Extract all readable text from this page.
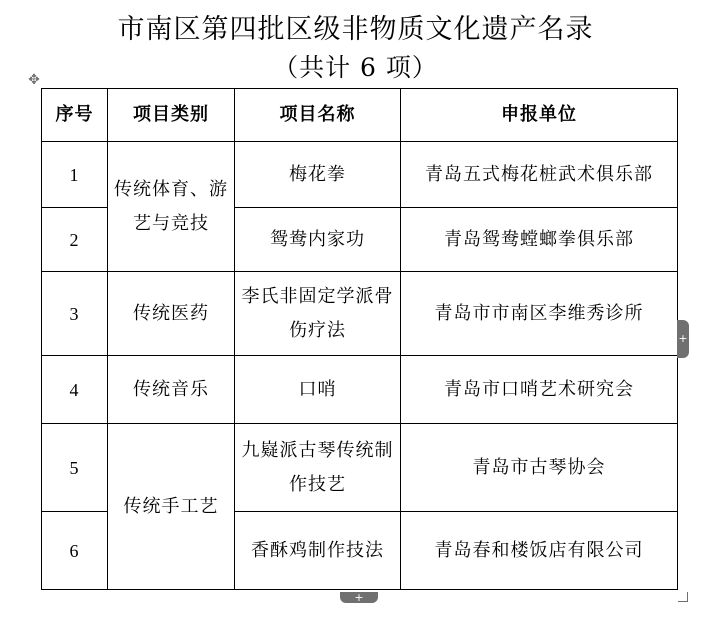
市南区第四批区级非物质文化遗产名录
（共计 6 项）
✥
序号	项目类别	项目名称	申报单位
1	传统体育、游艺与竞技	梅花拳	青岛五式梅花桩武术俱乐部
2		鸳鸯内家功	青岛鸳鸯螳螂拳俱乐部
3	传统医药	李氏非固定学派骨伤疗法	青岛市市南区李维秀诊所
4	传统音乐	口哨	青岛市口哨艺术研究会
5	传统手工艺	九嶷派古琴传统制作技艺	青岛市古琴协会
6		香酥鸡制作技法	青岛春和楼饭店有限公司
+
+
